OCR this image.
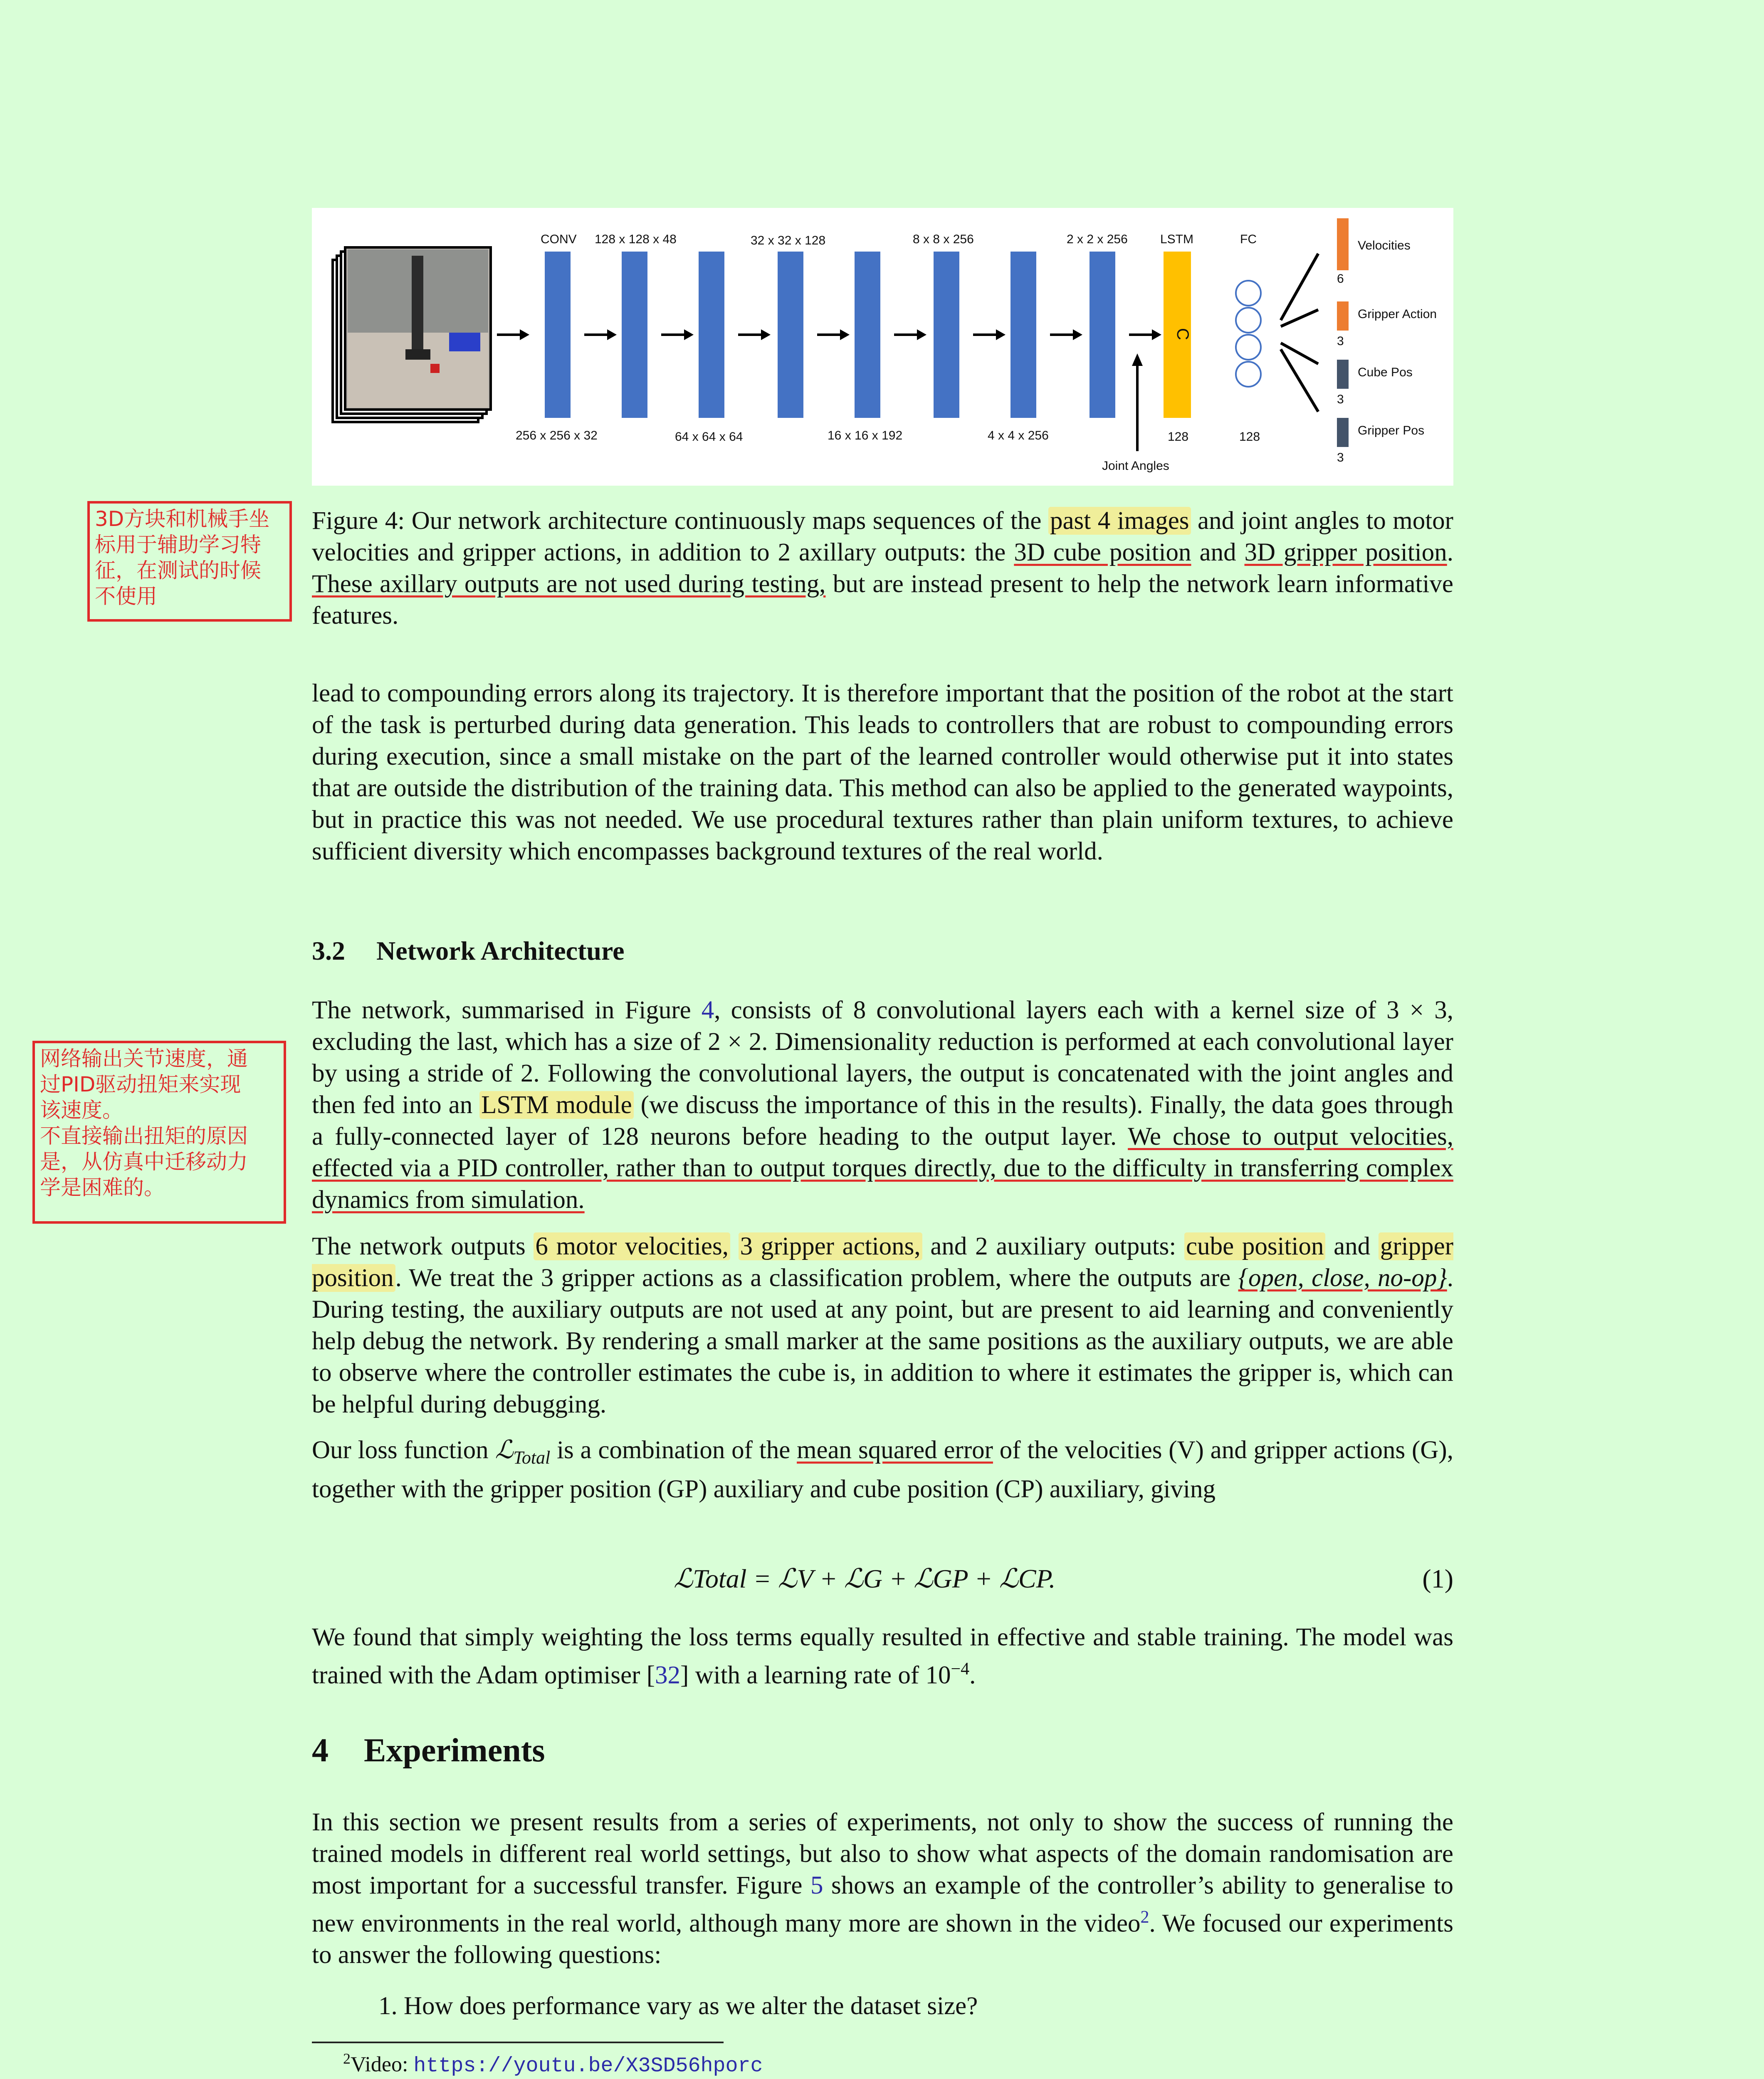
C
Joint Angles
6
Velocities
3
Gripper Action
3
Cube Pos
3
Gripper Pos
CONV 128 x 128 x 48	32 x 32 x 128	8 x 8 x 256	2 x 2 x 256	LSTM	FC
256 x 256 x 32	64 x 64 x 64	16 x 16 x 192	4 x 4 x 256	128	128
3D方块和机械手坐
标用于辅助学习特
征，在测试的时候
不使用
网络输出关节速度，通
过PID驱动扭矩来实现
该速度。
不直接输出扭矩的原因
是，从仿真中迁移动力
学是困难的。

Figure 4: Our network architecture continuously maps sequences of the past 4 images and joint angles to motor velocities and gripper actions, in addition to 2 axillary outputs: the 3D cube position and 3D gripper position. These axillary outputs are not used during testing, but are instead present to help the network learn informative features.

lead to compounding errors along its trajectory. It is therefore important that the position of the robot at the start of the task is perturbed during data generation. This leads to controllers that are robust to compounding errors during execution, since a small mistake on the part of the learned controller would otherwise put it into states that are outside the distribution of the training data. This method can also be applied to the generated waypoints, but in practice this was not needed. We use procedural textures rather than plain uniform textures, to achieve sufficient diversity which encompasses background textures of the real world.

3.2 Network Architecture

The network, summarised in Figure 4, consists of 8 convolutional layers each with a kernel size of 3 × 3, excluding the last, which has a size of 2 × 2. Dimensionality reduction is performed at each convolutional layer by using a stride of 2. Following the convolutional layers, the output is concatenated with the joint angles and then fed into an LSTM module (we discuss the importance of this in the results). Finally, the data goes through a fully-connected layer of 128 neurons before heading to the output layer. We chose to output velocities, effected via a PID controller, rather than to output torques directly, due to the difficulty in transferring complex dynamics from simulation.

The network outputs 6 motor velocities, 3 gripper actions, and 2 auxiliary outputs: cube position and gripper position. We treat the 3 gripper actions as a classification problem, where the outputs are {open, close, no-op}. During testing, the auxiliary outputs are not used at any point, but are present to aid learning and conveniently help debug the network. By rendering a small marker at the same positions as the auxiliary outputs, we are able to observe where the controller estimates the cube is, in addition to where it estimates the gripper is, which can be helpful during debugging.

Our loss function ℒ$_{Total}$ is a combination of the mean squared error of the velocities (V) and gripper actions (G), together with the gripper position (GP) auxiliary and cube position (CP) auxiliary, giving

ℒTotal = ℒV + ℒG + ℒGP + ℒCP.	(1)

We found that simply weighting the loss terms equally resulted in effective and stable training. The model was trained with the Adam optimiser [32] with a learning rate of $10^{-4}$.

4 Experiments

In this section we present results from a series of experiments, not only to show the success of running the trained models in different real world settings, but also to show what aspects of the domain randomisation are most important for a successful transfer. Figure 5 shows an example of the controller’s ability to generalise to new environments in the real world, although many more are shown in the video$^2$. We focused our experiments to answer the following questions:

1. How does performance vary as we alter the dataset size?
$^2$Video: https://youtu.be/X3SD56hporc
